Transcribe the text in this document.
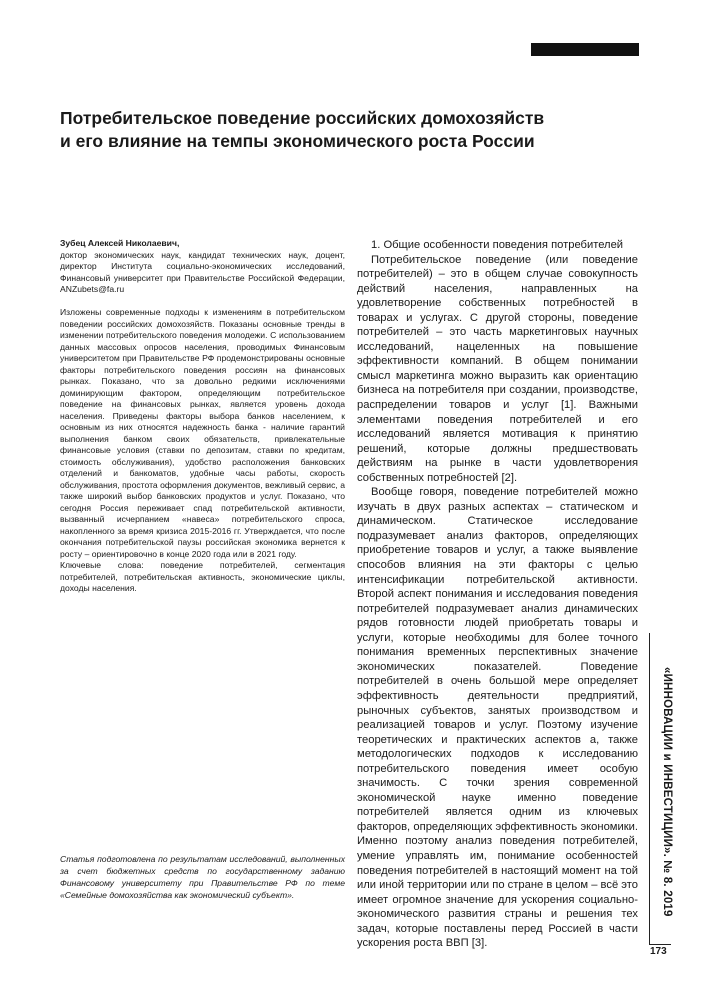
Потребительское поведение российских домохозяйств
и его влияние на темпы экономического роста России
Зубец Алексей Николаевич,
доктор экономических наук, кандидат технических наук, доцент, директор Института социально-экономических исследований, Финансовый университет при Правительстве Российской Федерации, ANZubets@fa.ru
Изложены современные подходы к изменениям в потребительском поведении российских домохозяйств. Показаны основные тренды в изменении потребительского поведения молодежи. С использованием данных массовых опросов населения, проводимых Финансовым университетом при Правительстве РФ продемонстрированы основные факторы потребительского поведения россиян на финансовых рынках. Показано, что за довольно редкими исключениями доминирующим фактором, определяющим потребительское поведение на финансовых рынках, является уровень дохода населения. Приведены факторы выбора банков населением, к основным из них относятся надежность банка - наличие гарантий выполнения банком своих обязательств, привлекательные финансовые условия (ставки по депозитам, ставки по кредитам, стоимость обслуживания), удобство расположения банковских отделений и банкоматов, удобные часы работы, скорость обслуживания, простота оформления документов, вежливый сервис, а также широкий выбор банковских продуктов и услуг. Показано, что сегодня Россия переживает спад потребительской активности, вызванный исчерпанием «навеса» потребительского спроса, накопленного за время кризиса 2015-2016 гг. Утверждается, что после окончания потребительской паузы российская экономика вернется к росту – ориентировочно в конце 2020 года или в 2021 году.
Ключевые слова: поведение потребителей, сегментация потребителей, потребительская активность, экономические циклы, доходы населения.
Статья подготовлена по результатам исследований, выполненных за счет бюджетных средств по государственному заданию Финансовому университету при Правительстве РФ по теме «Семейные домохозяйства как экономический субъект».
1. Общие особенности поведения потребителей
Потребительское поведение (или поведение потребителей) – это в общем случае совокупность действий населения, направленных на удовлетворение собственных потребностей в товарах и услугах. С другой стороны, поведение потребителей – это часть маркетинговых научных исследований, нацеленных на повышение эффективности компаний. В общем понимании смысл маркетинга можно выразить как ориентацию бизнеса на потребителя при создании, производстве, распределении товаров и услуг [1]. Важными элементами поведения потребителей и его исследований является мотивация к принятию решений, которые должны предшествовать действиям на рынке в части удовлетворения собственных потребностей [2].
Вообще говоря, поведение потребителей можно изучать в двух разных аспектах – статическом и динамическом. Статическое исследование подразумевает анализ факторов, определяющих приобретение товаров и услуг, а также выявление способов влияния на эти факторы с целью интенсификации потребительской активности. Второй аспект понимания и исследования поведения потребителей подразумевает анализ динамических рядов готовности людей приобретать товары и услуги, которые необходимы для более точного понимания временных перспективных значение экономических показателей. Поведение потребителей в очень большой мере определяет эффективность деятельности предприятий, рыночных субъектов, занятых производством и реализацией товаров и услуг. Поэтому изучение теоретических и практических аспектов а, также методологических подходов к исследованию потребительского поведения имеет особую значимость. С точки зрения современной экономической науке именно поведение потребителей является одним из ключевых факторов, определяющих эффективность экономики. Именно поэтому анализ поведения потребителей, умение управлять им, понимание особенностей поведения потребителей в настоящий момент на той или иной территории или по стране в целом – всё это имеет огромное значение для ускорения социально-экономического развития страны и решения тех задач, которые поставлены перед Россией в части ускорения роста ВВП [3].
«ИННОВАЦИИ и ИНВЕСТИЦИИ». № 8. 2019
173
